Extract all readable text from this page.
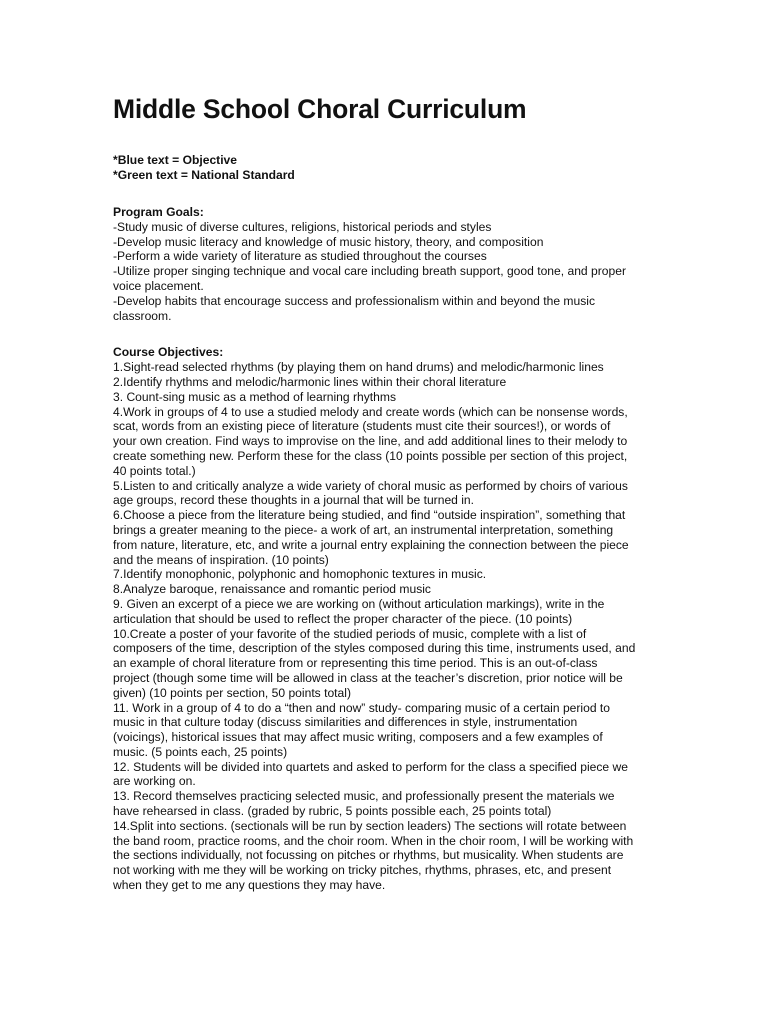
Middle School Choral Curriculum
*Blue text = Objective
*Green text = National Standard
Program Goals:
-Study music of diverse cultures, religions, historical periods and styles
-Develop music literacy and knowledge of music history, theory, and composition
-Perform a wide variety of literature as studied throughout the courses
-Utilize proper singing technique and vocal care including breath support, good tone, and proper
voice placement.
-Develop habits that encourage success and professionalism within and beyond the music
classroom.
Course Objectives:
1.Sight-read selected rhythms (by playing them on hand drums) and melodic/harmonic lines
2.Identify rhythms and melodic/harmonic lines within their choral literature
3. Count-sing music as a method of learning rhythms
4.Work in groups of 4 to use a studied melody and create words (which can be nonsense words,
scat, words from an existing piece of literature (students must cite their sources!), or words of
your own creation. Find ways to improvise on the line, and add additional lines to their melody to
create something new. Perform these for the class (10 points possible per section of this project,
40 points total.)
5.Listen to and critically analyze a wide variety of choral music as performed by choirs of various
age groups, record these thoughts in a journal that will be turned in.
6.Choose a piece from the literature being studied, and find “outside inspiration”, something that
brings a greater meaning to the piece- a work of art, an instrumental interpretation, something
from nature, literature, etc, and write a journal entry explaining the connection between the piece
and the means of inspiration. (10 points)
7.Identify monophonic, polyphonic and homophonic textures in music.
8.Analyze baroque, renaissance and romantic period music
9. Given an excerpt of a piece we are working on (without articulation markings), write in the
articulation that should be used to reflect the proper character of the piece. (10 points)
10.Create a poster of your favorite of the studied periods of music, complete with a list of
composers of the time, description of the styles composed during this time, instruments used, and
an example of choral literature from or representing this time period. This is an out-of-class
project (though some time will be allowed in class at the teacher’s discretion, prior notice will be
given) (10 points per section, 50 points total)
11. Work in a group of 4 to do a “then and now” study- comparing music of a certain period to
music in that culture today (discuss similarities and differences in style, instrumentation
(voicings), historical issues that may affect music writing, composers and a few examples of
music. (5 points each, 25 points)
12. Students will be divided into quartets and asked to perform for the class a specified piece we
are working on.
13. Record themselves practicing selected music, and professionally present the materials we
have rehearsed in class. (graded by rubric, 5 points possible each, 25 points total)
14.Split into sections. (sectionals will be run by section leaders) The sections will rotate between
the band room, practice rooms, and the choir room. When in the choir room, I will be working with
the sections individually, not focussing on pitches or rhythms, but musicality. When students are
not working with me they will be working on tricky pitches, rhythms, phrases, etc, and present
when they get to me any questions they may have.
